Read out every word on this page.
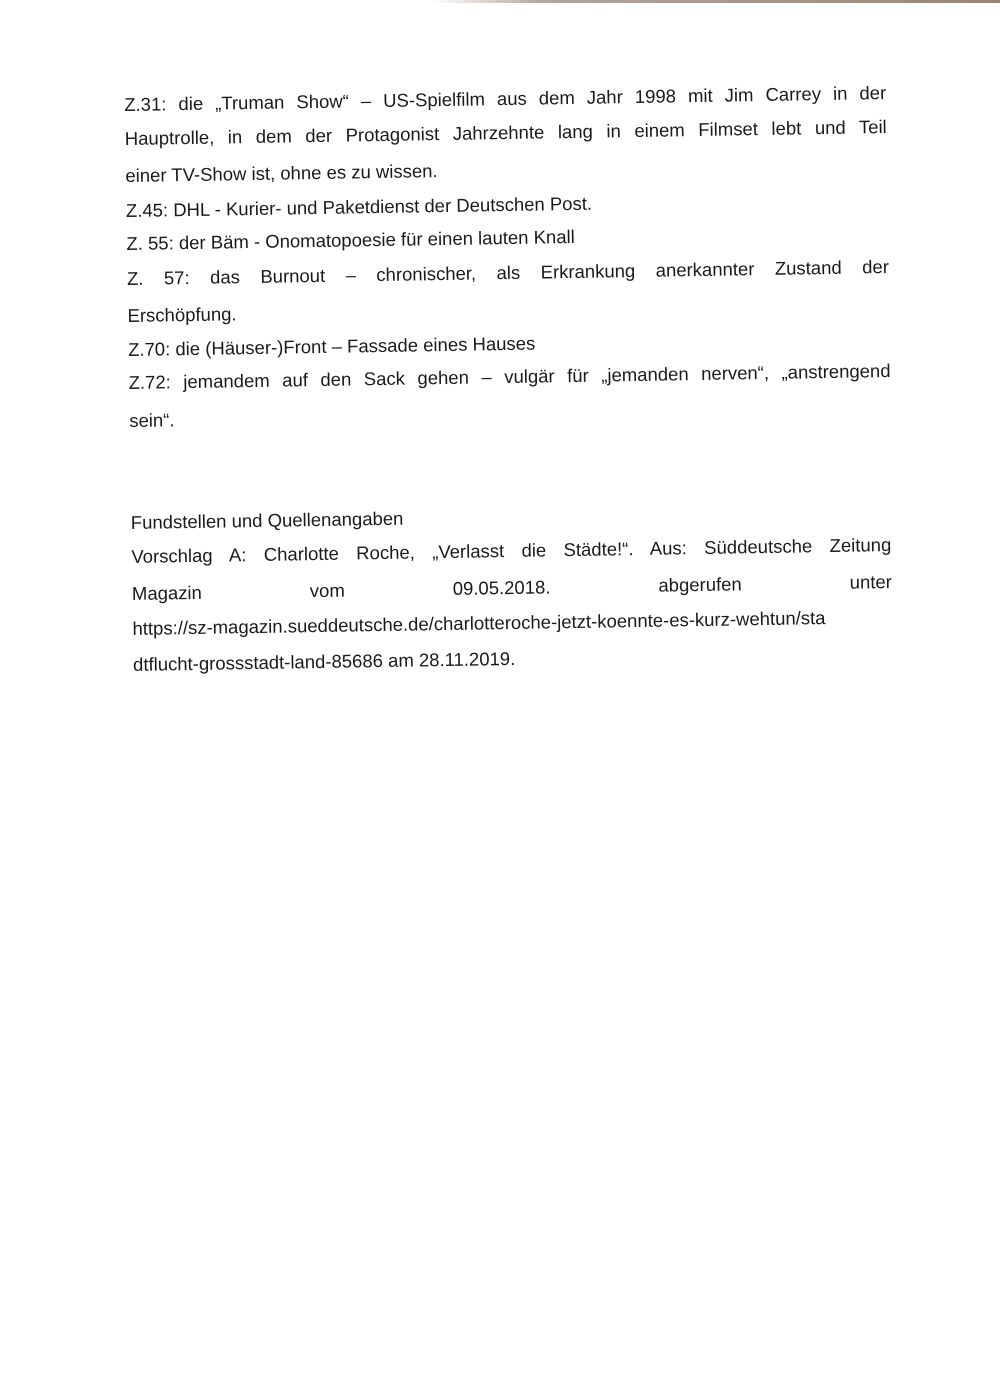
Z.31: die „Truman Show“ – US-Spielfilm aus dem Jahr 1998 mit Jim Carrey in der
Hauptrolle, in dem der Protagonist Jahrzehnte lang in einem Filmset lebt und Teil
einer TV-Show ist, ohne es zu wissen.
Z.45: DHL - Kurier- und Paketdienst der Deutschen Post.
Z. 55: der Bäm - Onomatopoesie für einen lauten Knall
Z. 57: das Burnout – chronischer, als Erkrankung anerkannter Zustand der
Erschöpfung.
Z.70: die (Häuser-)Front – Fassade eines Hauses
Z.72: jemandem auf den Sack gehen – vulgär für „jemanden nerven“, „anstrengend
sein“.
Fundstellen und Quellenangaben
Vorschlag A: Charlotte Roche, „Verlasst die Städte!“. Aus: Süddeutsche Zeitung
Magazin vom 09.05.2018. abgerufen unter
https://sz-magazin.sueddeutsche.de/charlotteroche-jetzt-koennte-es-kurz-wehtun/sta
dtflucht-grossstadt-land-85686 am 28.11.2019.
